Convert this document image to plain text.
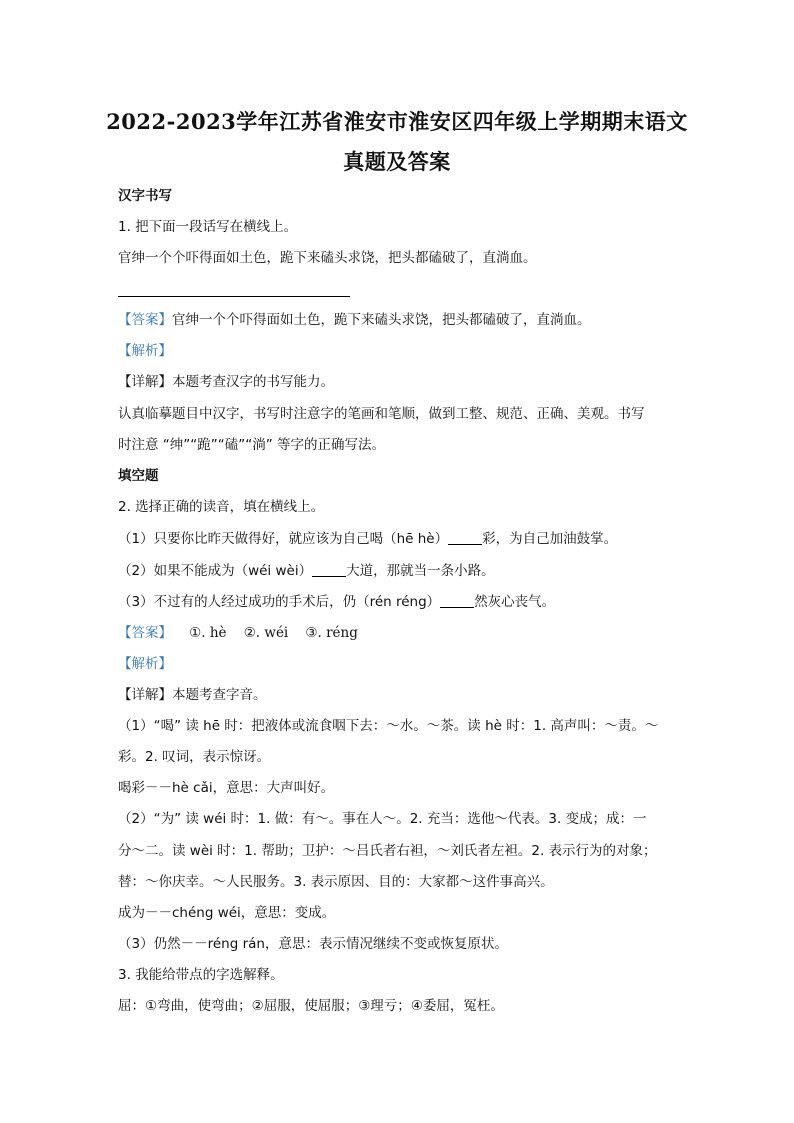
2022-2023学年江苏省淮安市淮安区四年级上学期期末语文
真题及答案
汉字书写
1. 把下面一段话写在横线上。
官绅一个个吓得面如土色，跪下来磕头求饶，把头都磕破了，直淌血。
【答案】官绅一个个吓得面如土色，跪下来磕头求饶，把头都磕破了，直淌血。
【解析】
【详解】本题考查汉字的书写能力。
认真临摹题目中汉字，书写时注意字的笔画和笔顺，做到工整、规范、正确、美观。书写
时注意 “绅”“跪”“磕”“淌” 等字的正确写法。
填空题
2. 选择正确的读音，填在横线上。
（1）只要你比昨天做得好，就应该为自己喝（hē hè）	彩，为自己加油鼓掌。
（2）如果不能成为（wéi wèi）	大道，那就当一条小路。
（3）不过有的人经过成功的手术后，仍（rén réng）	然灰心丧气。
【答案】    ①. hè    ②. wéi    ③. réng
【解析】
【详解】本题考查字音。
（1）“喝” 读 hē 时：把液体或流食咽下去：～水。～茶。读 hè 时：1. 高声叫：～责。～
彩。2. 叹词，表示惊讶。
喝彩－－hè cǎi，意思：大声叫好。
（2）“为” 读 wéi 时：1. 做：有～。事在人～。2. 充当：选他～代表。3. 变成；成：一
分～二。读 wèi 时：1. 帮助；卫护：～吕氏者右袒，～刘氏者左袒。2. 表示行为的对象；
替：～你庆幸。～人民服务。3. 表示原因、目的：大家都～这件事高兴。
成为－－chéng wéi，意思：变成。
（3）仍然－－réng rán，意思：表示情况继续不变或恢复原状。
3. 我能给带点的字选解释。
屈：①弯曲，使弯曲；②屈服，使屈服；③理亏；④委屈，冤枉。
